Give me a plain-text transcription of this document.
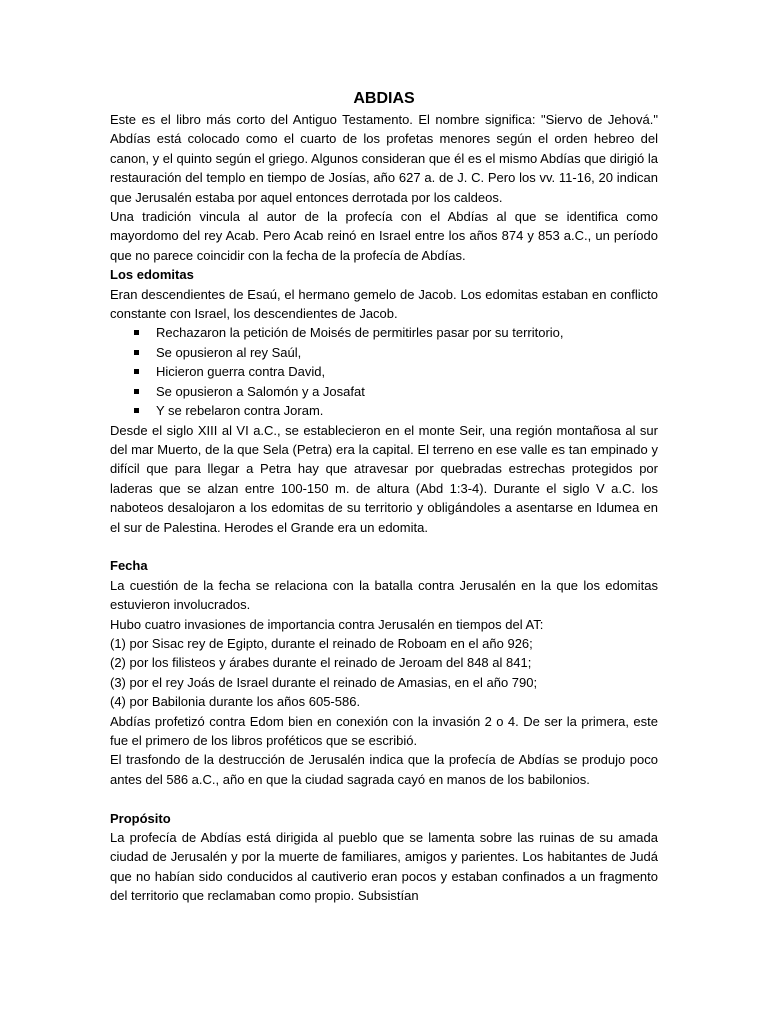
ABDIAS

Este es el libro más corto del Antiguo Testamento. El nombre significa: "Siervo de Jehová." Abdías está colocado como el cuarto de los profetas menores según el orden hebreo del canon, y el quinto según el griego. Algunos consideran que él es el mismo Abdías que dirigió la restauración del templo en tiempo de Josías, año 627 a. de J. C. Pero los vv. 11-16, 20 indican que Jerusalén estaba por aquel entonces derrotada por los caldeos.

Una tradición vincula al autor de la profecía con el Abdías al que se identifica como mayordomo del rey Acab. Pero Acab reinó en Israel entre los años 874 y 853 a.C., un período que no parece coincidir con la fecha de la profecía de Abdías.

Los edomitas

Eran descendientes de Esaú, el hermano gemelo de Jacob. Los edomitas estaban en conflicto constante con Israel, los descendientes de Jacob.

Rechazaron la petición de Moisés de permitirles pasar por su territorio,
Se opusieron al rey Saúl,
Hicieron guerra contra David,
Se opusieron a Salomón y a Josafat
Y se rebelaron contra Joram.

Desde el siglo XIII al VI a.C., se establecieron en el monte Seir, una región montañosa al sur del mar Muerto, de la que Sela (Petra) era la capital. El terreno en ese valle es tan empinado y difícil que para llegar a Petra hay que atravesar por quebradas estrechas protegidos por laderas que se alzan entre 100-150 m. de altura (Abd 1:3-4). Durante el siglo V a.C. los naboteos desalojaron a los edomitas de su territorio y obligándoles a asentarse en Idumea en el sur de Palestina. Herodes el Grande era un edomita.

Fecha

La cuestión de la fecha se relaciona con la batalla contra Jerusalén en la que los edomitas estuvieron involucrados.

Hubo cuatro invasiones de importancia contra Jerusalén en tiempos del AT:

(1) por Sisac rey de Egipto, durante el reinado de Roboam en el año 926;

(2) por los filisteos y árabes durante el reinado de Jeroam del 848 al 841;

(3) por el rey Joás de Israel durante el reinado de Amasias, en el año 790;

(4) por Babilonia durante los años 605-586.

Abdías profetizó contra Edom bien en conexión con la invasión 2 o 4. De ser la primera, este fue el primero de los libros proféticos que se escribió.

El trasfondo de la destrucción de Jerusalén indica que la profecía de Abdías se produjo poco antes del 586 a.C., año en que la ciudad sagrada cayó en manos de los babilonios.

Propósito

La profecía de Abdías está dirigida al pueblo que se lamenta sobre las ruinas de su amada ciudad de Jerusalén y por la muerte de familiares, amigos y parientes. Los habitantes de Judá que no habían sido conducidos al cautiverio eran pocos y estaban confinados a un fragmento del territorio que reclamaban como propio. Subsistían
